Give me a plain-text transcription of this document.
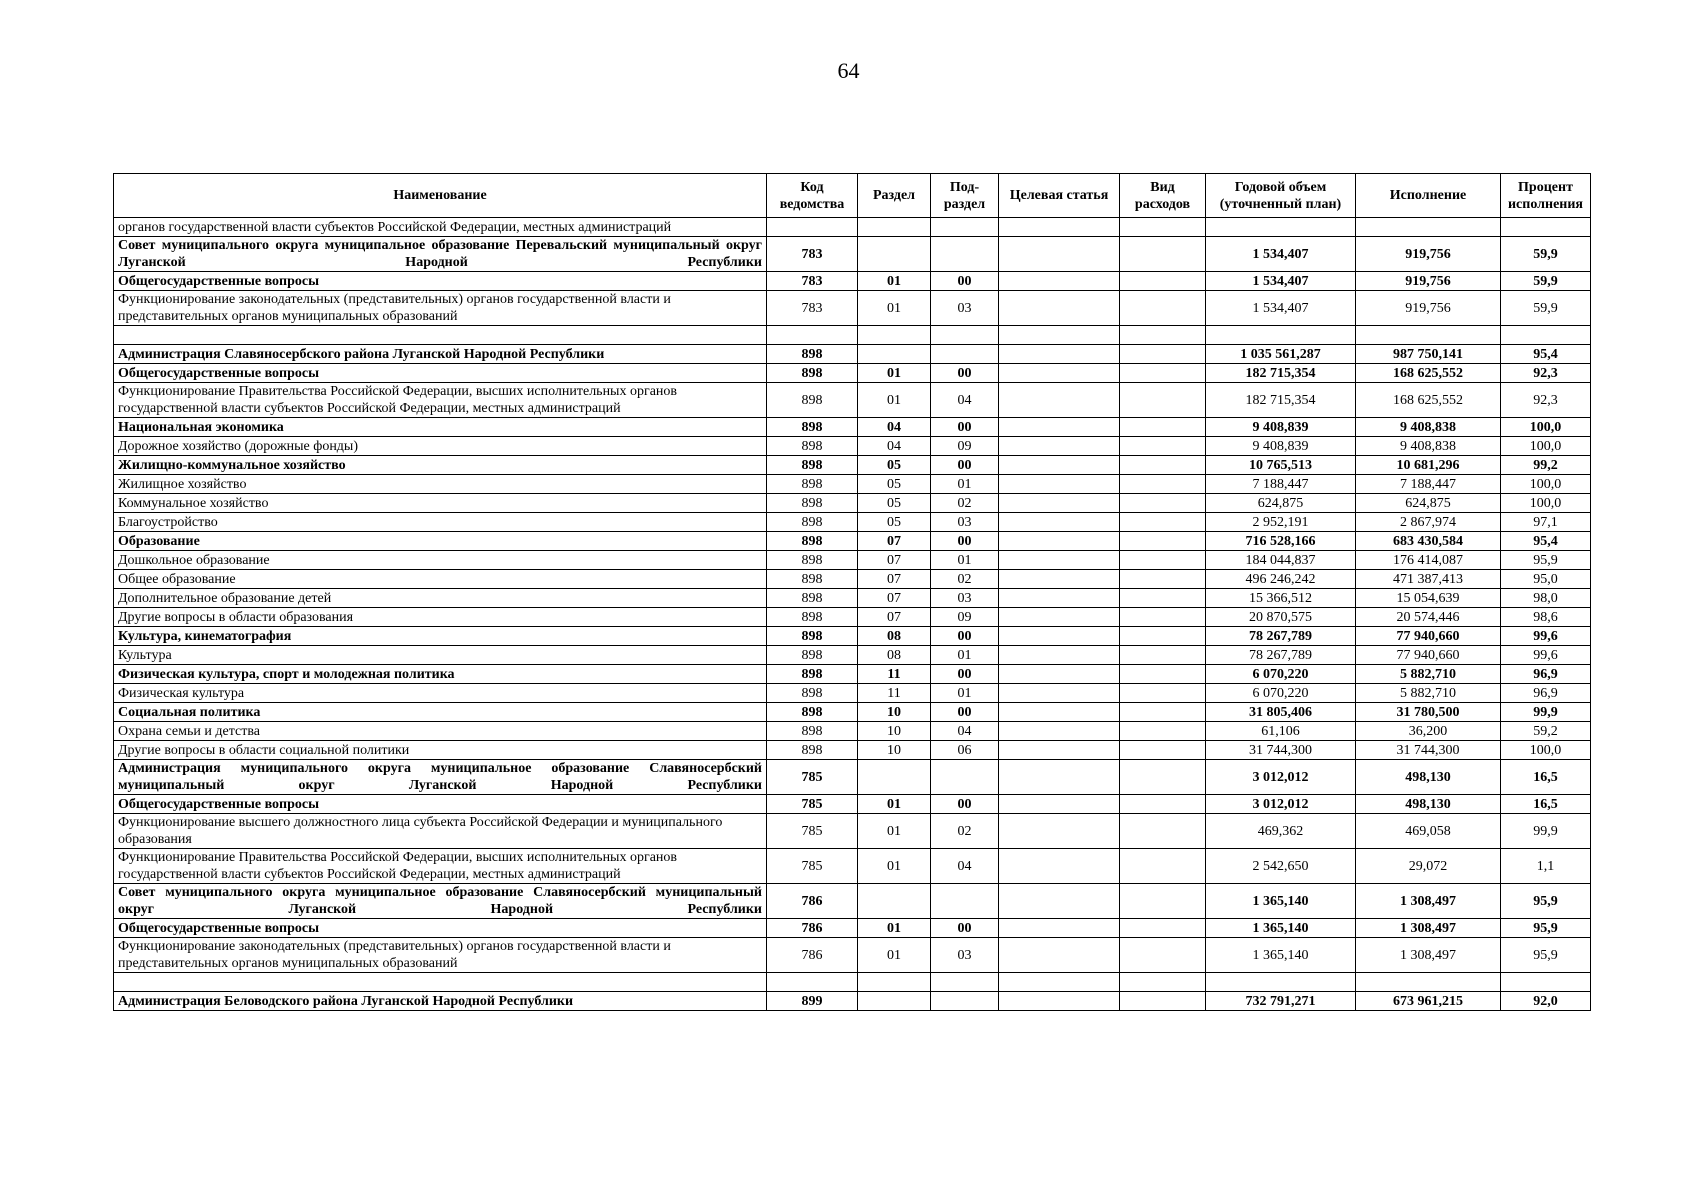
64
Наименование	Код ведомства	Раздел	Под-раздел	Целевая статья	Вид расходов	Годовой объем (уточненный план)	Исполнение	Процент исполнения
органов государственной власти субъектов Российской Федерации, местных администраций								
Совет муниципального округа муниципальное образование Перевальский муниципальный округ Луганской Народной Республики	783					1 534,407	919,756	59,9
Общегосударственные вопросы	783	01	00			1 534,407	919,756	59,9
Функционирование законодательных (представительных) органов государственной власти и представительных органов муниципальных образований	783	01	03			1 534,407	919,756	59,9

Администрация Славяносербского района Луганской Народной Республики	898					1 035 561,287	987 750,141	95,4
Общегосударственные вопросы	898	01	00			182 715,354	168 625,552	92,3
Функционирование Правительства Российской Федерации, высших исполнительных органов государственной власти субъектов Российской Федерации, местных администраций	898	01	04			182 715,354	168 625,552	92,3
Национальная экономика	898	04	00			9 408,839	9 408,838	100,0
Дорожное хозяйство (дорожные фонды)	898	04	09			9 408,839	9 408,838	100,0
Жилищно-коммунальное хозяйство	898	05	00			10 765,513	10 681,296	99,2
Жилищное хозяйство	898	05	01			7 188,447	7 188,447	100,0
Коммунальное хозяйство	898	05	02			624,875	624,875	100,0
Благоустройство	898	05	03			2 952,191	2 867,974	97,1
Образование	898	07	00			716 528,166	683 430,584	95,4
Дошкольное образование	898	07	01			184 044,837	176 414,087	95,9
Общее образование	898	07	02			496 246,242	471 387,413	95,0
Дополнительное образование детей	898	07	03			15 366,512	15 054,639	98,0
Другие вопросы в области образования	898	07	09			20 870,575	20 574,446	98,6
Культура, кинематография	898	08	00			78 267,789	77 940,660	99,6
Культура	898	08	01			78 267,789	77 940,660	99,6
Физическая культура, спорт и молодежная политика	898	11	00			6 070,220	5 882,710	96,9
Физическая культура	898	11	01			6 070,220	5 882,710	96,9
Социальная политика	898	10	00			31 805,406	31 780,500	99,9
Охрана семьи и детства	898	10	04			61,106	36,200	59,2
Другие вопросы в области социальной политики	898	10	06			31 744,300	31 744,300	100,0
Администрация муниципального округа муниципальное образование Славяносербский муниципальный округ Луганской Народной Республики	785					3 012,012	498,130	16,5
Общегосударственные вопросы	785	01	00			3 012,012	498,130	16,5
Функционирование высшего должностного лица субъекта Российской Федерации и муниципального образования	785	01	02			469,362	469,058	99,9
Функционирование Правительства Российской Федерации, высших исполнительных органов государственной власти субъектов Российской Федерации, местных администраций	785	01	04			2 542,650	29,072	1,1
Совет муниципального округа муниципальное образование Славяносербский муниципальный округ Луганской Народной Республики	786					1 365,140	1 308,497	95,9
Общегосударственные вопросы	786	01	00			1 365,140	1 308,497	95,9
Функционирование законодательных (представительных) органов государственной власти и представительных органов муниципальных образований	786	01	03			1 365,140	1 308,497	95,9

Администрация Беловодского района Луганской Народной Республики	899					732 791,271	673 961,215	92,0
